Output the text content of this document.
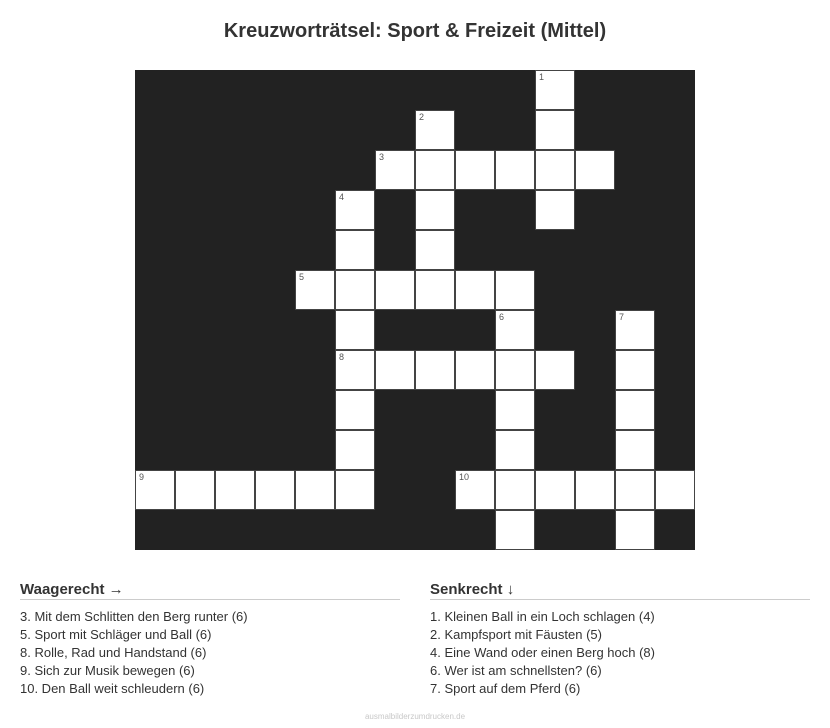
Kreuzworträtsel: Sport & Freizeit (Mittel)
1
2
3
4
5
6	7
8
9	10
Waagerecht →
3. Mit dem Schlitten den Berg runter (6)
5. Sport mit Schläger und Ball (6)
8. Rolle, Rad und Handstand (6)
9. Sich zur Musik bewegen (6)
10. Den Ball weit schleudern (6)
Senkrecht ↓
1. Kleinen Ball in ein Loch schlagen (4)
2. Kampfsport mit Fäusten (5)
4. Eine Wand oder einen Berg hoch (8)
6. Wer ist am schnellsten? (6)
7. Sport auf dem Pferd (6)
ausmalbilderzumdrucken.de
